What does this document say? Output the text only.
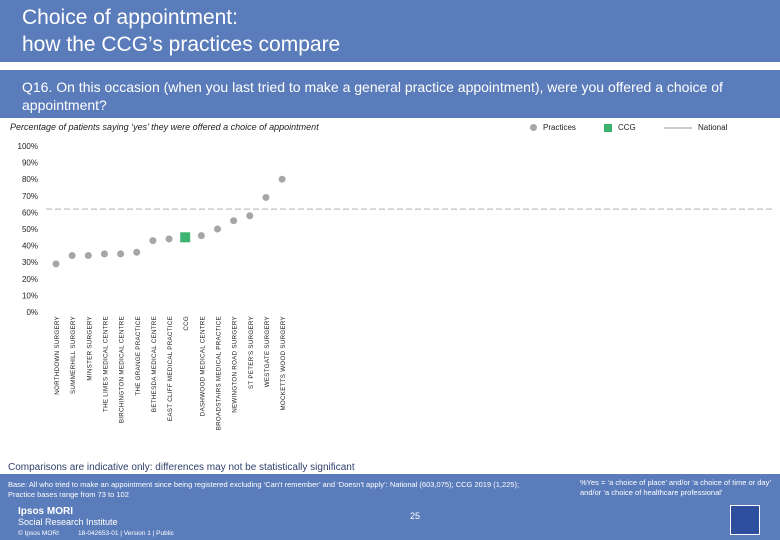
Choice of appointment:
how the CCG’s practices compare
Q16. On this occasion (when you last tried to make a general practice appointment), were you offered a choice of appointment?
Percentage of patients saying ‘yes’ they were offered a choice of appointment	Practices	CCG	National
0%
10%
20%
30%
40%
50%
60%
70%
80%
90%
100%
NORTHDOWN SURGERY SUMMERHILL SURGERY MINSTER SURGERY THE LIMES MEDICAL CENTRE BIRCHINGTON MEDICAL CENTRE THE GRANGE PRACTICE BETHESDA MEDICAL CENTRE EAST CLIFF MEDICAL PRACTICE CCG DASHWOOD MEDICAL CENTRE BROADSTAIRS MEDICAL PRACTICE NEWINGTON ROAD SURGERY ST PETER'S SURGERY WESTGATE SURGERY MOCKETTS WOOD SURGERY
Comparisons are indicative only: differences may not be statistically significant
Base: All who tried to make an appointment since being registered excluding ‘Can't remember’ and ‘Doesn't apply’: National (603,075); CCG 2019 (1,225); Practice bases range from 73 to 102
%Yes = ‘a choice of place’ and/or ‘a choice of time or day’ and/or ‘a choice of healthcare professional’
Ipsos MORI
Social Research Institute
© Ipsos MORI	18-042653-01 | Version 1 | Public
25
